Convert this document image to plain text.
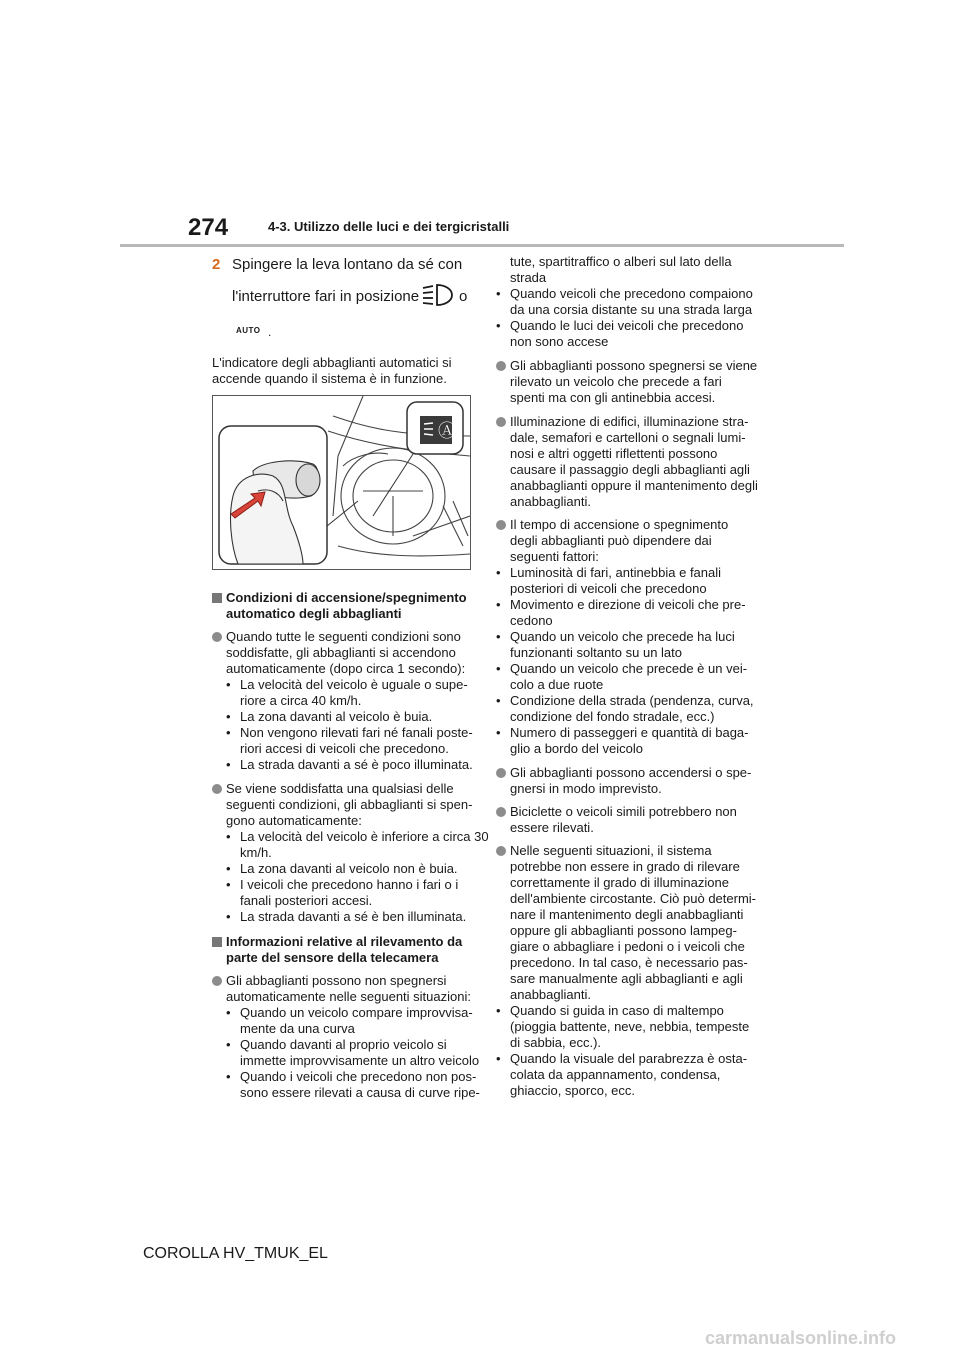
274	4-3. Utilizzo delle luci e dei tergicristalli
2 Spingere la leva lontano da sé con
l'interruttore fari in posizione	o
AUTO .
L'indicatore degli abbaglianti automatici si
accende quando il sistema è in funzione.
Ⓐ
Condizioni di accensione/spegnimento
automatico degli abbaglianti
Quando tutte le seguenti condizioni sono
soddisfatte, gli abbaglianti si accendono
automaticamente (dopo circa 1 secondo):
• La velocità del veicolo è uguale o supe-
riore a circa 40 km/h.
• La zona davanti al veicolo è buia.
• Non vengono rilevati fari né fanali poste-
riori accesi di veicoli che precedono.
• La strada davanti a sé è poco illuminata.
Se viene soddisfatta una qualsiasi delle
seguenti condizioni, gli abbaglianti si spen-
gono automaticamente:
• La velocità del veicolo è inferiore a circa 30
km/h.
• La zona davanti al veicolo non è buia.
• I veicoli che precedono hanno i fari o i
fanali posteriori accesi.
• La strada davanti a sé è ben illuminata.
Informazioni relative al rilevamento da
parte del sensore della telecamera
Gli abbaglianti possono non spegnersi
automaticamente nelle seguenti situazioni:
• Quando un veicolo compare improvvisa-
mente da una curva
• Quando davanti al proprio veicolo si
immette improvvisamente un altro veicolo
• Quando i veicoli che precedono non pos-
sono essere rilevati a causa di curve ripe-
tute, spartitraffico o alberi sul lato della
strada
• Quando veicoli che precedono compaiono
da una corsia distante su una strada larga
• Quando le luci dei veicoli che precedono
non sono accese
Gli abbaglianti possono spegnersi se viene
rilevato un veicolo che precede a fari
spenti ma con gli antinebbia accesi.
Illuminazione di edifici, illuminazione stra-
dale, semafori e cartelloni o segnali lumi-
nosi e altri oggetti riflettenti possono
causare il passaggio degli abbaglianti agli
anabbaglianti oppure il mantenimento degli
anabbaglianti.
Il tempo di accensione o spegnimento
degli abbaglianti può dipendere dai
seguenti fattori:
• Luminosità di fari, antinebbia e fanali
posteriori di veicoli che precedono
• Movimento e direzione di veicoli che pre-
cedono
• Quando un veicolo che precede ha luci
funzionanti soltanto su un lato
• Quando un veicolo che precede è un vei-
colo a due ruote
• Condizione della strada (pendenza, curva,
condizione del fondo stradale, ecc.)
• Numero di passeggeri e quantità di baga-
glio a bordo del veicolo
Gli abbaglianti possono accendersi o spe-
gnersi in modo imprevisto.
Biciclette o veicoli simili potrebbero non
essere rilevati.
Nelle seguenti situazioni, il sistema
potrebbe non essere in grado di rilevare
correttamente il grado di illuminazione
dell'ambiente circostante. Ciò può determi-
nare il mantenimento degli anabbaglianti
oppure gli abbaglianti possono lampeg-
giare o abbagliare i pedoni o i veicoli che
precedono. In tal caso, è necessario pas-
sare manualmente agli abbaglianti e agli
anabbaglianti.
• Quando si guida in caso di maltempo
(pioggia battente, neve, nebbia, tempeste
di sabbia, ecc.).
• Quando la visuale del parabrezza è osta-
colata da appannamento, condensa,
ghiaccio, sporco, ecc.
COROLLA HV_TMUK_EL
carmanualsonline.info
